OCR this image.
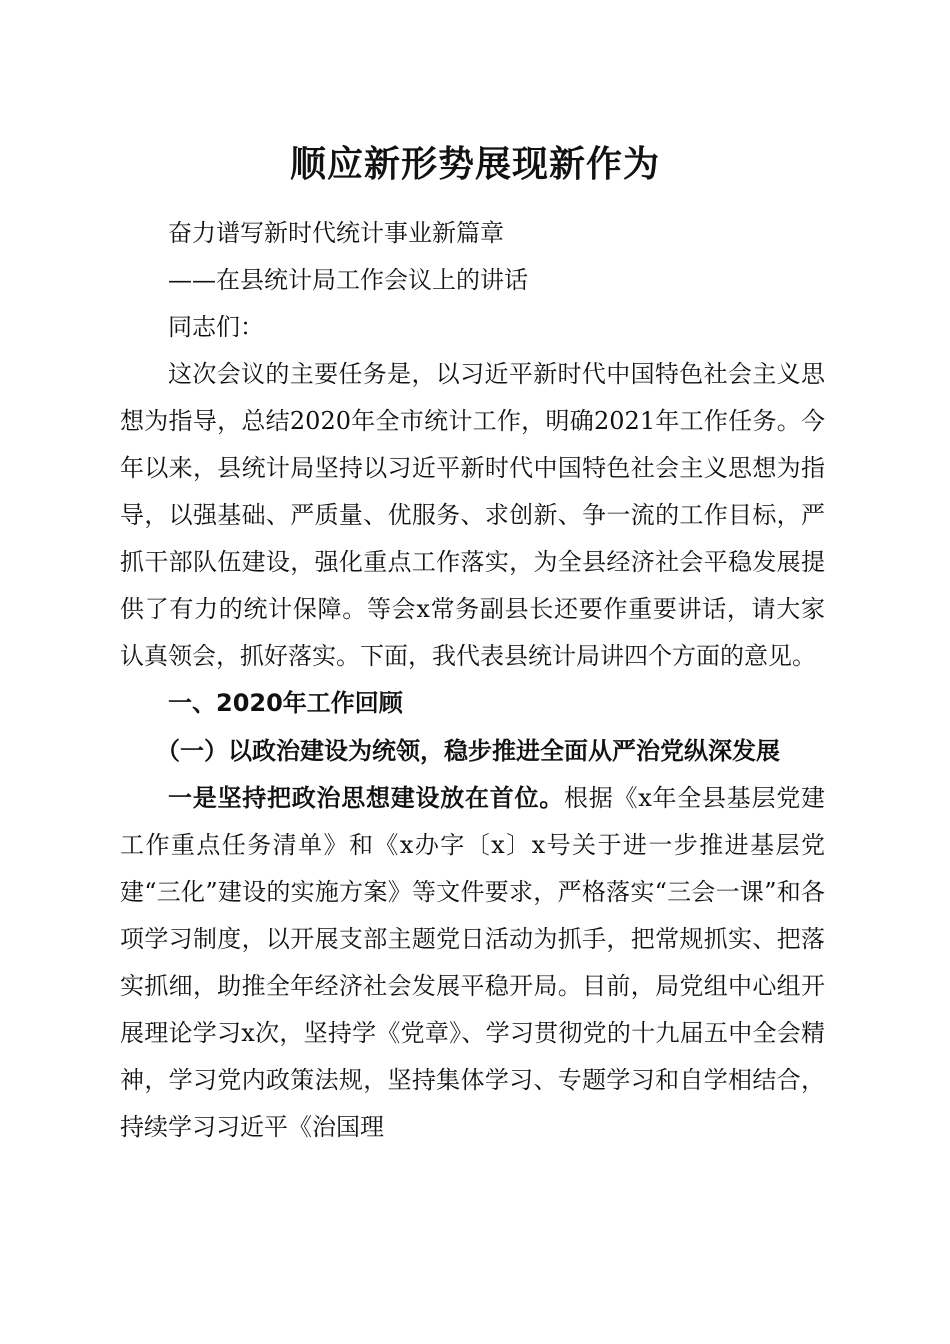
顺应新形势展现新作为

奋力谱写新时代统计事业新篇章

——在县统计局工作会议上的讲话

同志们：

这次会议的主要任务是，以习近平新时代中国特色社会主义思想为指导，总结2020年全市统计工作，明确2021年工作任务。今年以来，县统计局坚持以习近平新时代中国特色社会主义思想为指导，以强基础、严质量、优服务、求创新、争一流的工作目标，严抓干部队伍建设，强化重点工作落实，为全县经济社会平稳发展提供了有力的统计保障。等会x常务副县长还要作重要讲话，请大家认真领会，抓好落实。下面，我代表县统计局讲四个方面的意见。

一、2020年工作回顾

（一）以政治建设为统领，稳步推进全面从严治党纵深发展

一是坚持把政治思想建设放在首位。根据《x年全县基层党建工作重点任务清单》和《x办字〔x〕x号关于进一步推进基层党建“三化”建设的实施方案》等文件要求，严格落实“三会一课”和各项学习制度，以开展支部主题党日活动为抓手，把常规抓实、把落实抓细，助推全年经济社会发展平稳开局。目前，局党组中心组开展理论学习x次，坚持学《党章》、学习贯彻党的十九届五中全会精神，学习党内政策法规，坚持集体学习、专题学习和自学相结合，持续学习习近平《治国理
